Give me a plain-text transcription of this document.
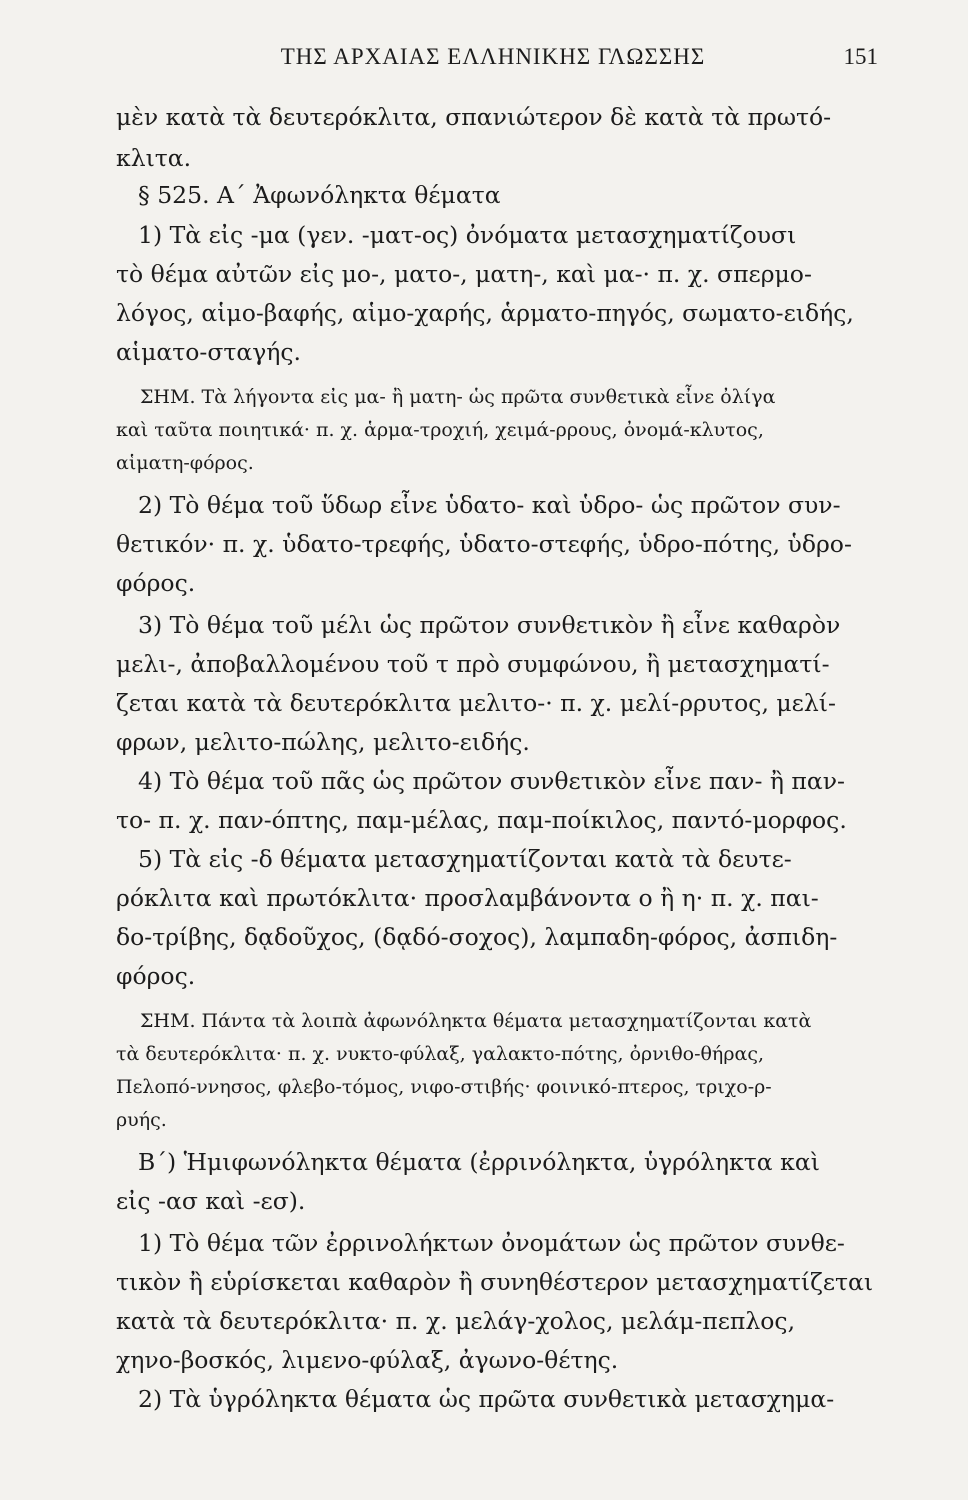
ΤΗΣ ΑΡΧΑΙΑΣ ΕΛΛΗΝΙΚΗΣ ΓΛΩΣΣΗΣ	151
μὲν κατὰ τὰ δευτερόκλιτα, σπανιώτερον δὲ κατὰ τὰ πρωτό-
κλιτα.
§ 525. Α΄ Ἀφωνόληκτα θέματα
1) Τὰ εἰς -μα (γεν. -ματ-ος) ὀνόματα μετασχηματίζουσι
τὸ θέμα αὐτῶν εἰς μο-, ματο-, ματη-, καὶ μα-· π. χ. σπερμο-
λόγος, αἱμο-βαφής, αἱμο-χαρής, ἁρματο-πηγός, σωματο-ειδής,
αἱματο-σταγής.
ΣΗΜ. Τὰ λήγοντα εἰς μα- ἢ ματη- ὡς πρῶτα συνθετικὰ εἶνε ὀλίγα
καὶ ταῦτα ποιητικά· π. χ. ἁρμα-τροχιή, χειμά-ρρους, ὀνομά-κλυτος,
αἱματη-φόρος.
2) Τὸ θέμα τοῦ ὕδωρ εἶνε ὑδατο- καὶ ὑδρο- ὡς πρῶτον συν-
θετικόν· π. χ. ὑδατο-τρεφής, ὑδατο-στεφής, ὑδρο-πότης, ὑδρο-
φόρος.
3) Τὸ θέμα τοῦ μέλι ὡς πρῶτον συνθετικὸν ἢ εἶνε καθαρὸν
μελι-, ἀποβαλλομένου τοῦ τ πρὸ συμφώνου, ἢ μετασχηματί-
ζεται κατὰ τὰ δευτερόκλιτα μελιτο-· π. χ. μελί-ρρυτος, μελί-
φρων, μελιτο-πώλης, μελιτο-ειδής.
4) Τὸ θέμα τοῦ πᾶς ὡς πρῶτον συνθετικὸν εἶνε παν- ἢ παν-
το- π. χ. παν-όπτης, παμ-μέλας, παμ-ποίκιλος, παντό-μορφος.
5) Τὰ εἰς -δ θέματα μετασχηματίζονται κατὰ τὰ δευτε-
ρόκλιτα καὶ πρωτόκλιτα· προσλαμβάνοντα ο ἢ η· π. χ. παι-
δο-τρίβης, δᾳδοῦχος, (δᾳδό-σοχος), λαμπαδη-φόρος, ἀσπιδη-
φόρος.
ΣΗΜ. Πάντα τὰ λοιπὰ ἀφωνόληκτα θέματα μετασχηματίζονται κατὰ
τὰ δευτερόκλιτα· π. χ. νυκτο-φύλαξ, γαλακτο-πότης, ὀρνιθο-θήρας,
Πελοπό-ννησος, φλεβο-τόμος, νιφο-στιβής· φοινικό-πτερος, τριχο-ρ-
ρυής.
Β΄) Ἡμιφωνόληκτα θέματα (ἐρρινόληκτα, ὑγρόληκτα καὶ
εἰς -ασ καὶ -εσ).
1) Τὸ θέμα τῶν ἐρρινολήκτων ὀνομάτων ὡς πρῶτον συνθε-
τικὸν ἢ εὑρίσκεται καθαρὸν ἢ συνηθέστερον μετασχηματίζεται
κατὰ τὰ δευτερόκλιτα· π. χ. μελάγ-χολος, μελάμ-πεπλος,
χηνο-βοσκός, λιμενο-φύλαξ, ἀγωνο-θέτης.
2) Τὰ ὑγρόληκτα θέματα ὡς πρῶτα συνθετικὰ μετασχημα-
